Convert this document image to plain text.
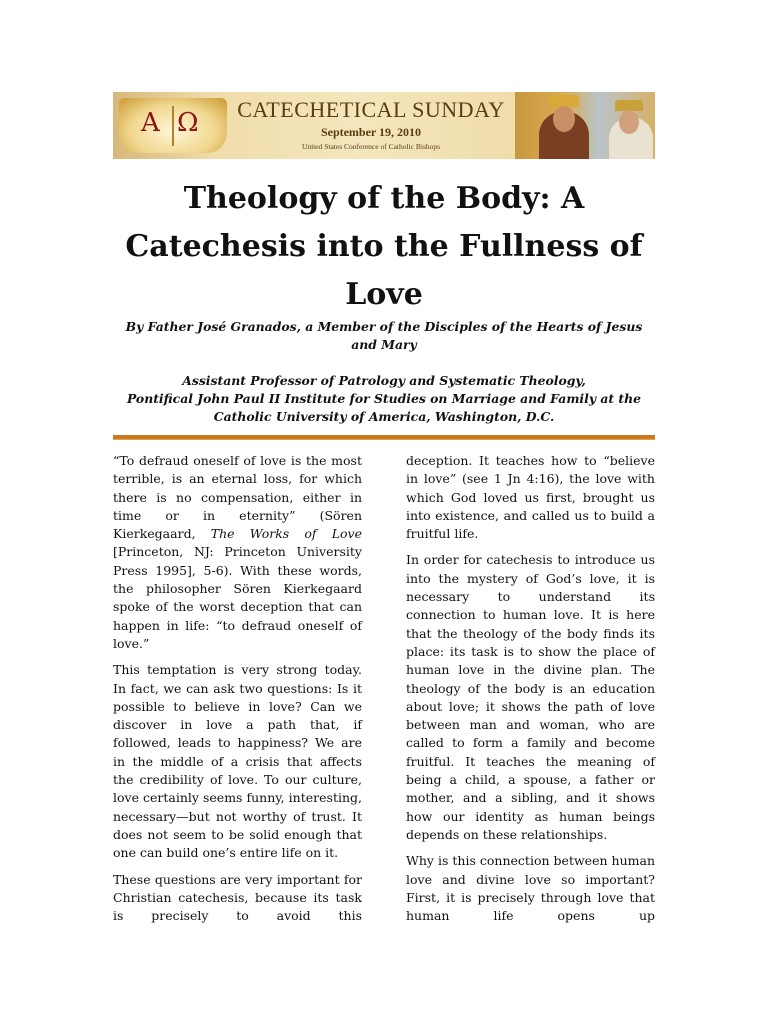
Α Ω	CATECHETICAL SUNDAY
September 19, 2010
United States Conference of Catholic Bishops
Theology of the Body: A Catechesis into the Fullness of Love

By Father José Granados, a Member of the Disciples of the Hearts of Jesus and Mary

Assistant Professor of Patrology and Systematic Theology,
Pontifical John Paul II Institute for Studies on Marriage and Family at the Catholic University of America, Washington, D.C.

“To defraud oneself of love is the most terrible, is an eternal loss, for which there is no compensation, either in time or in eternity” (Sören Kierkegaard, The Works of Love [Princeton, NJ: Princeton University Press 1995], 5-6). With these words, the philosopher Sören Kierkegaard spoke of the worst deception that can happen in life: “to defraud oneself of love.”

This temptation is very strong today. In fact, we can ask two questions: Is it possible to believe in love? Can we discover in love a path that, if followed, leads to happiness? We are in the middle of a crisis that affects the credibility of love. To our culture, love certainly seems funny, interesting, necessary—but not worthy of trust. It does not seem to be solid enough that one can build one’s entire life on it.

These questions are very important for Christian catechesis, because its task is precisely to avoid this

deception. It teaches how to “believe in love” (see 1 Jn 4:16), the love with which God loved us first, brought us into existence, and called us to build a fruitful life.

In order for catechesis to introduce us into the mystery of God’s love, it is necessary to understand its connection to human love. It is here that the theology of the body finds its place: its task is to show the place of human love in the divine plan. The theology of the body is an education about love; it shows the path of love between man and woman, who are called to form a family and become fruitful. It teaches the meaning of being a child, a spouse, a father or mother, and a sibling, and it shows how our identity as human beings depends on these relationships.

Why is this connection between human love and divine love so important? First, it is precisely through love that human life opens up
